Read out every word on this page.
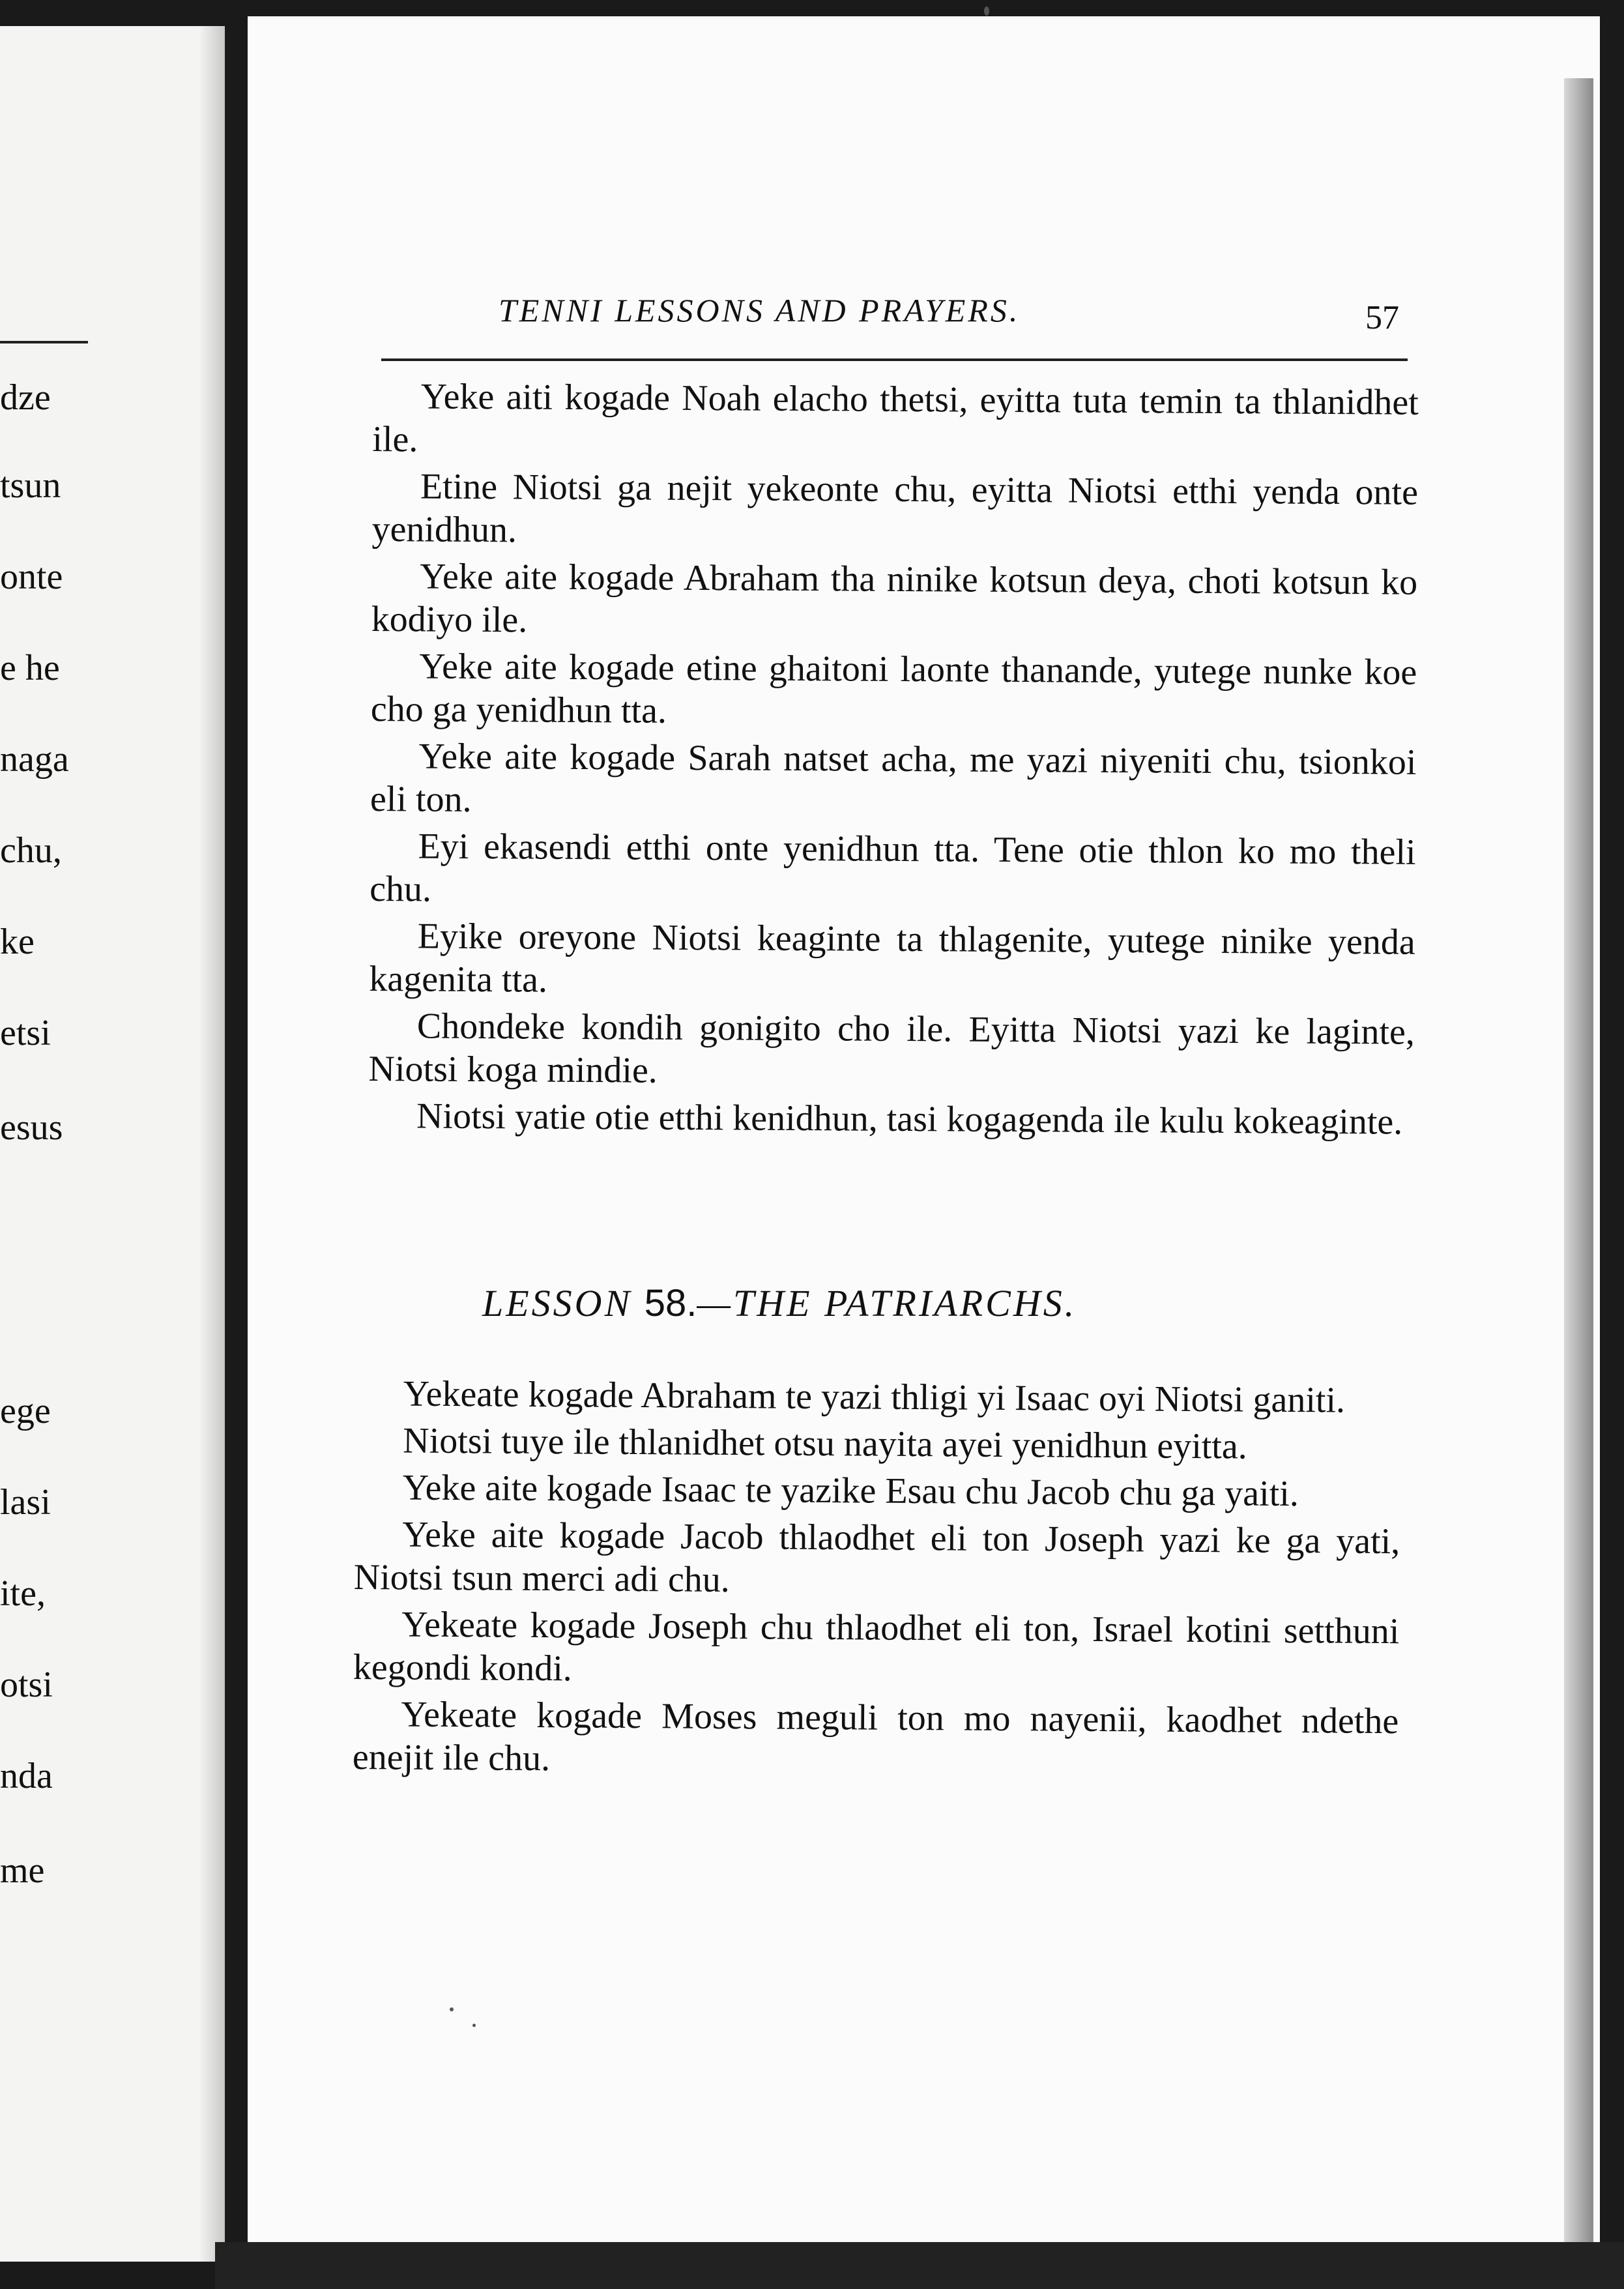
dze
tsun
onte
e he
naga
chu,
ke
etsi
esus
ege
lasi
ite,
otsi
nda
me
TENNI LESSONS AND PRAYERS.	57

Yeke aiti kogade Noah elacho thetsi, eyitta tuta temin ta thlanidhet ile.

Etine Niotsi ga nejit yekeonte chu, eyitta Niotsi etthi yenda onte yenidhun.

Yeke aite kogade Abraham tha ninike kotsun deya, choti kotsun ko kodiyo ile.

Yeke aite kogade etine ghaitoni laonte thanande, yutege nunke koe cho ga yenidhun tta.

Yeke aite kogade Sarah natset acha, me yazi niyeniti chu, tsionkoi eli ton.

Eyi ekasendi etthi onte yenidhun tta. Tene otie thlon ko mo theli chu.

Eyike oreyone Niotsi keaginte ta thlagenite, yutege ninike yenda kagenita tta.

Chondeke kondih gonigito cho ile. Eyitta Niotsi yazi ke laginte, Niotsi koga mindie.

Niotsi yatie otie etthi kenidhun, tasi kogagenda ile kulu kokeaginte.

LESSON 58.—THE PATRIARCHS.

Yekeate kogade Abraham te yazi thligi yi Isaac oyi Niotsi ganiti.

Niotsi tuye ile thlanidhet otsu nayita ayei yenidhun eyitta.

Yeke aite kogade Isaac te yazike Esau chu Jacob chu ga yaiti.

Yeke aite kogade Jacob thlaodhet eli ton Joseph yazi ke ga yati, Niotsi tsun merci adi chu.

Yekeate kogade Joseph chu thlaodhet eli ton, Israel kotini setthuni kegondi kondi.

Yekeate kogade Moses meguli ton mo nayenii, kaodhet ndethe enejit ile chu.
